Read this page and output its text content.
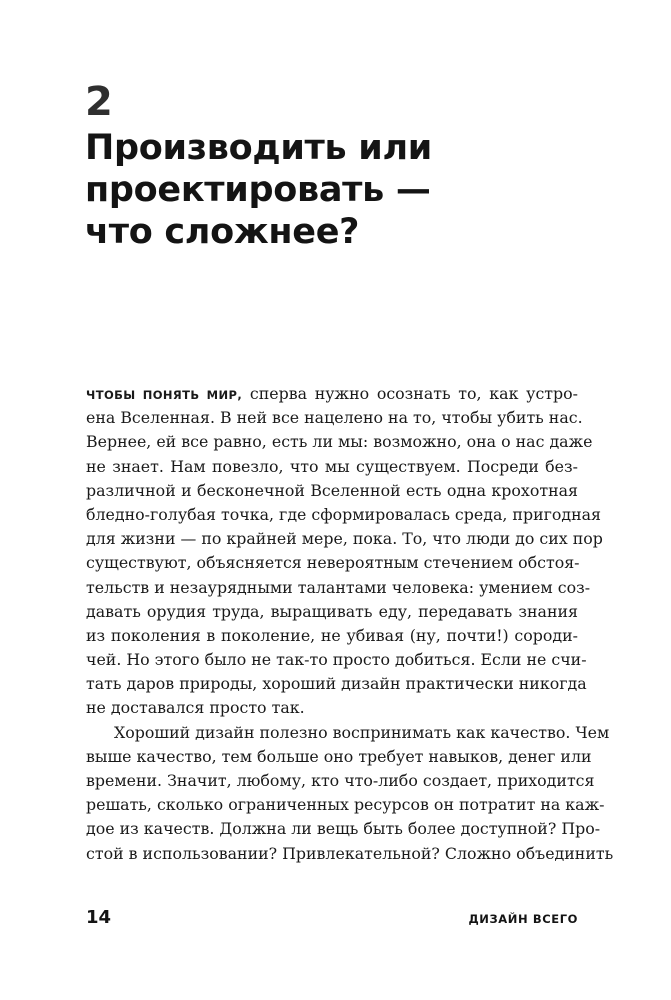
2
Производить или
проектировать —
что сложнее?
ЧТОБЫ ПОНЯТЬ МИР, сперва нужно осознать то, как устро-
ена Вселенная. В ней все нацелено на то, чтобы убить нас.
Вернее, ей все равно, есть ли мы: возможно, она о нас даже
не знает. Нам повезло, что мы существуем. Посреди без-
различной и бесконечной Вселенной есть одна крохотная
бледно-голубая точка, где сформировалась среда, пригодная
для жизни — по крайней мере, пока. То, что люди до сих пор
существуют, объясняется невероятным стечением обстоя-
тельств и незаурядными талантами человека: умением соз-
давать орудия труда, выращивать еду, передавать знания
из поколения в поколение, не убивая (ну, почти!) сороди-
чей. Но этого было не так-то просто добиться. Если не счи-
тать даров природы, хороший дизайн практически никогда
не доставался просто так.
Хороший дизайн полезно воспринимать как качество. Чем
выше качество, тем больше оно требует навыков, денег или
времени. Значит, любому, кто что-либо создает, приходится
решать, сколько ограниченных ресурсов он потратит на каж-
дое из качеств. Должна ли вещь быть более доступной? Про-
стой в использовании? Привлекательной? Сложно объединить
14	ДИЗАЙН ВСЕГО
